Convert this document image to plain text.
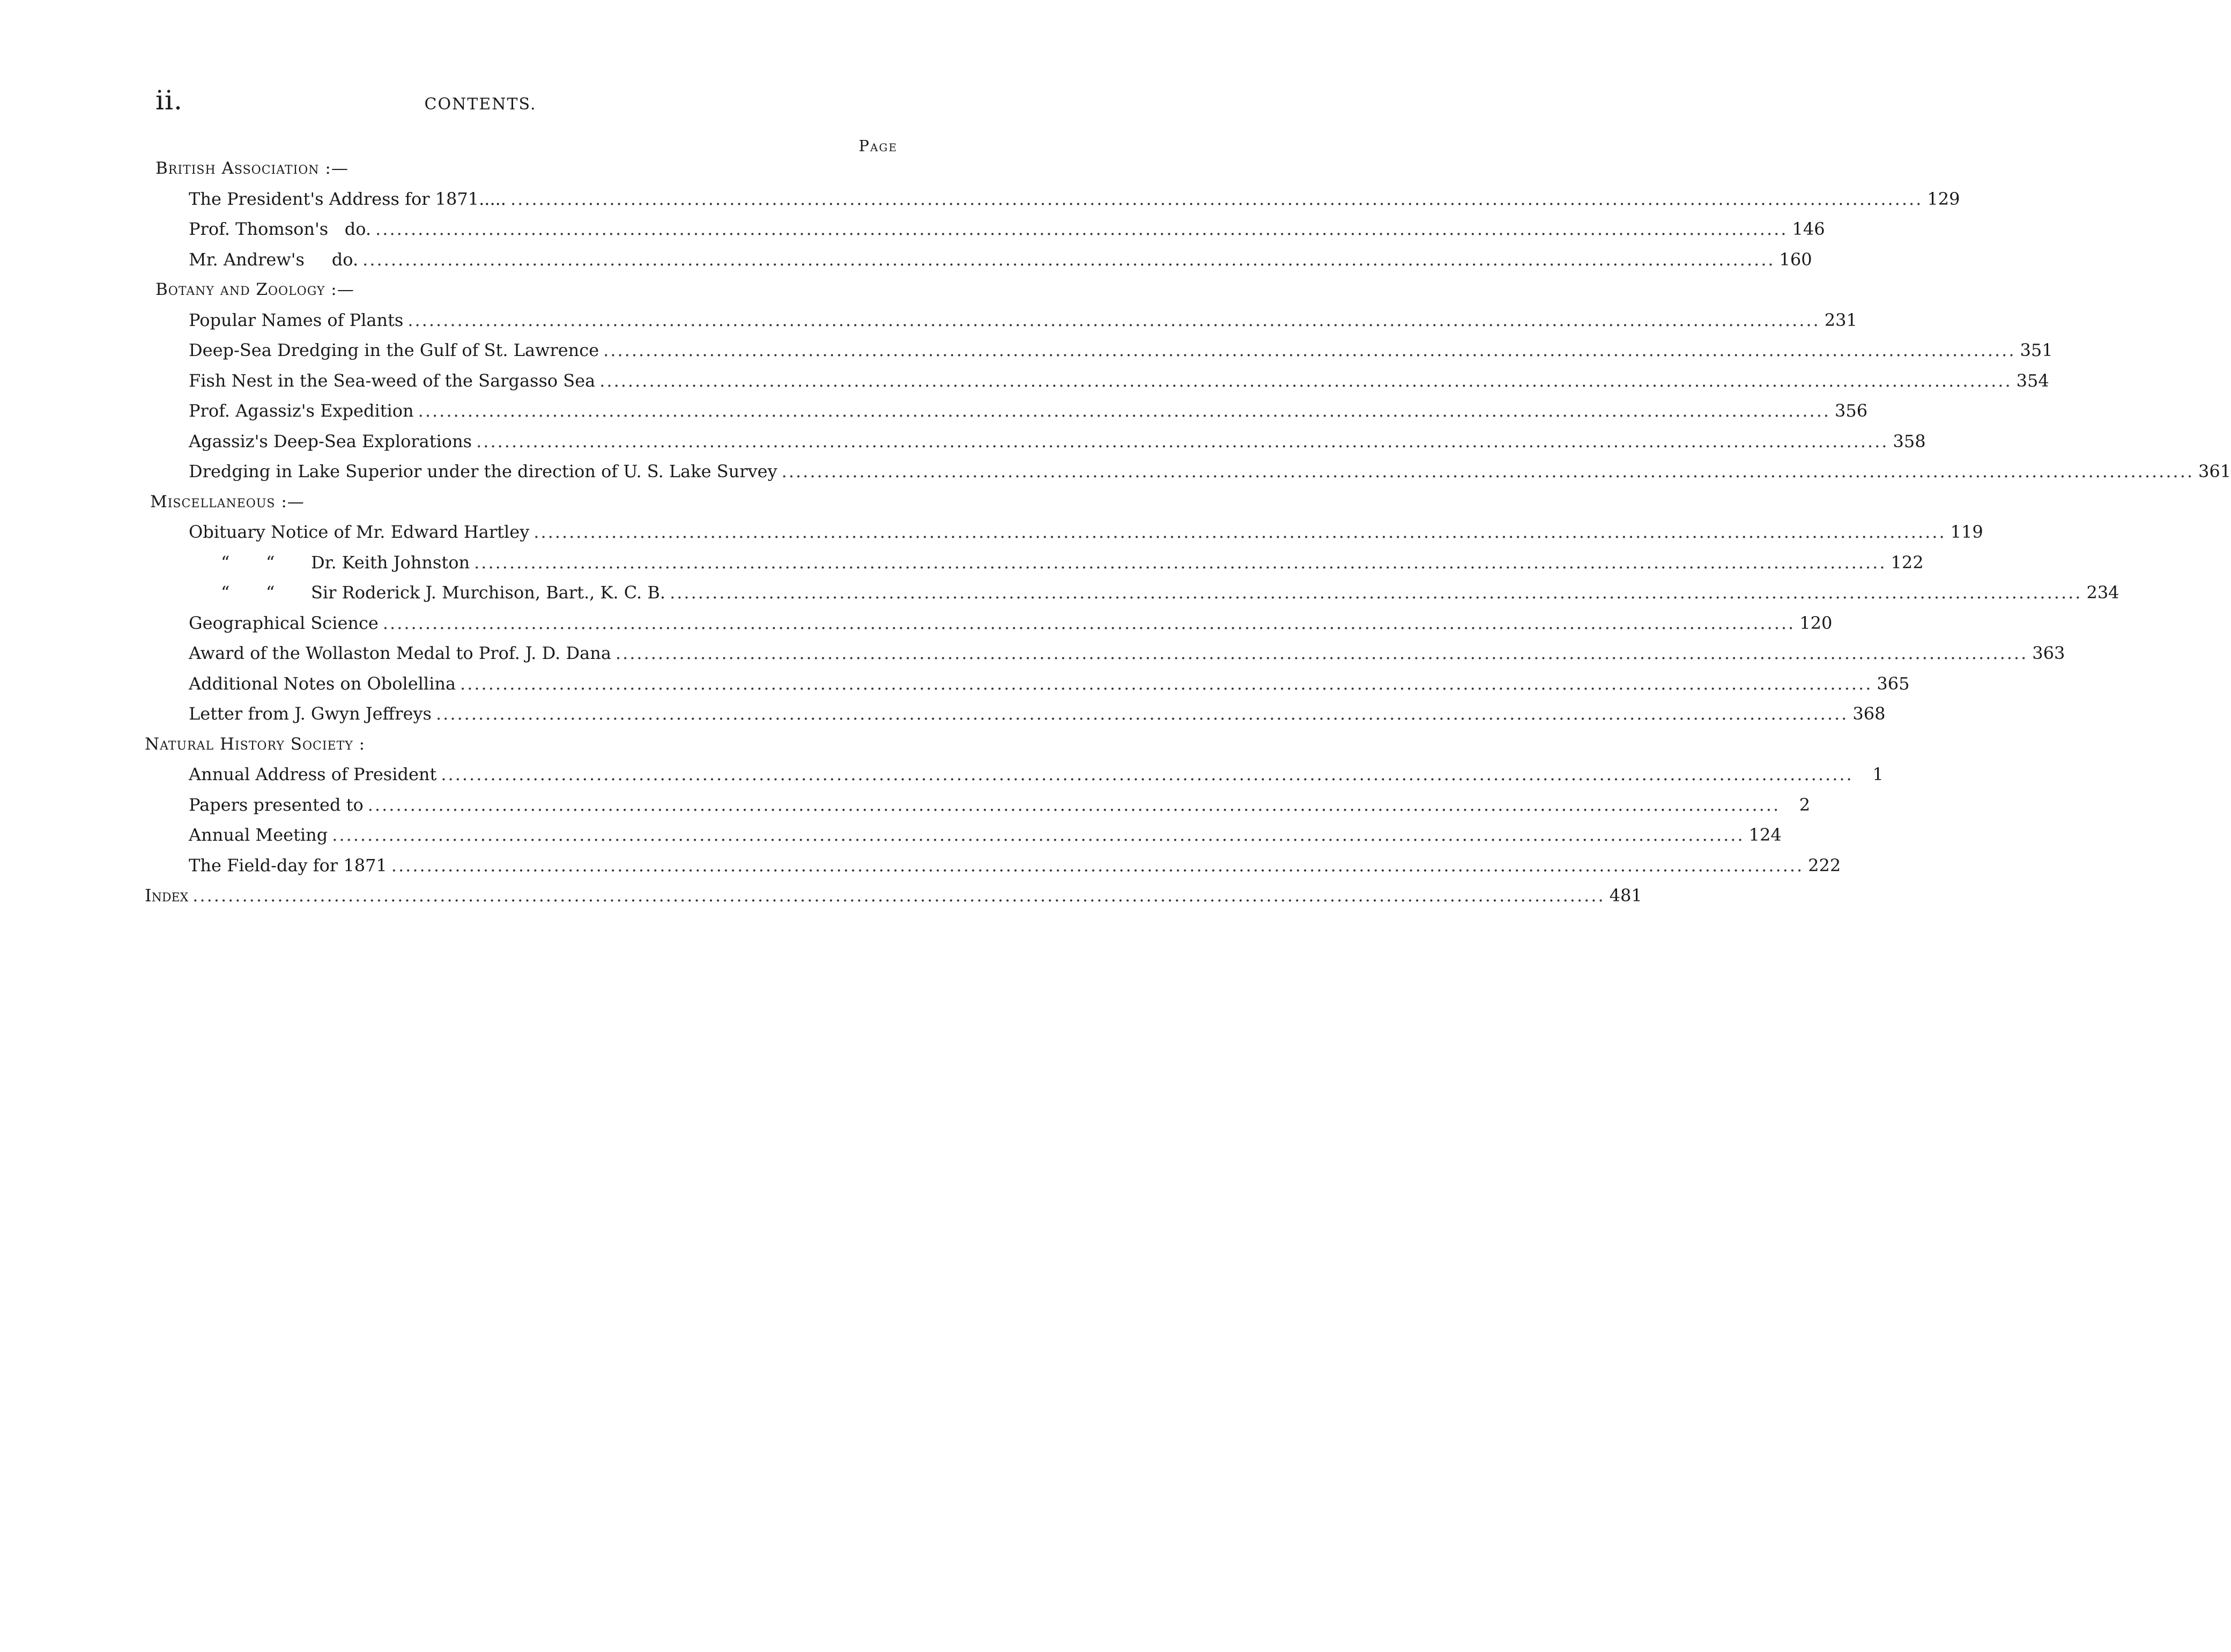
ii.	CONTENTS.
Page
British Association :—
The President's Address for 1871..... ........................................................................................................................................................................................................ 129
Prof. Thomson's   do. ........................................................................................................................................................................................................ 146
Mr. Andrew's     do. ........................................................................................................................................................................................................ 160
Botany and Zoology :—
Popular Names of Plants ........................................................................................................................................................................................................ 231
Deep-Sea Dredging in the Gulf of St. Lawrence ........................................................................................................................................................................................................ 351
Fish Nest in the Sea-weed of the Sargasso Sea ........................................................................................................................................................................................................ 354
Prof. Agassiz's Expedition ........................................................................................................................................................................................................ 356
Agassiz's Deep-Sea Explorations ........................................................................................................................................................................................................ 358
Dredging in Lake Superior under the direction of U. S. Lake Survey ........................................................................................................................................................................................................ 361
Miscellaneous :—
Obituary Notice of Mr. Edward Hartley ........................................................................................................................................................................................................ 119
“ “ Dr. Keith Johnston ........................................................................................................................................................................................................ 122
“ “ Sir Roderick J. Murchison, Bart., K. C. B. ........................................................................................................................................................................................................ 234
Geographical Science ........................................................................................................................................................................................................ 120
Award of the Wollaston Medal to Prof. J. D. Dana ........................................................................................................................................................................................................ 363
Additional Notes on Obolellina ........................................................................................................................................................................................................ 365
Letter from J. Gwyn Jeffreys ........................................................................................................................................................................................................ 368
Natural History Society :
Annual Address of President ........................................................................................................................................................................................................	1
Papers presented to ........................................................................................................................................................................................................	2
Annual Meeting ........................................................................................................................................................................................................ 124
The Field-day for 1871 ........................................................................................................................................................................................................ 222
Index ........................................................................................................................................................................................................ 481
